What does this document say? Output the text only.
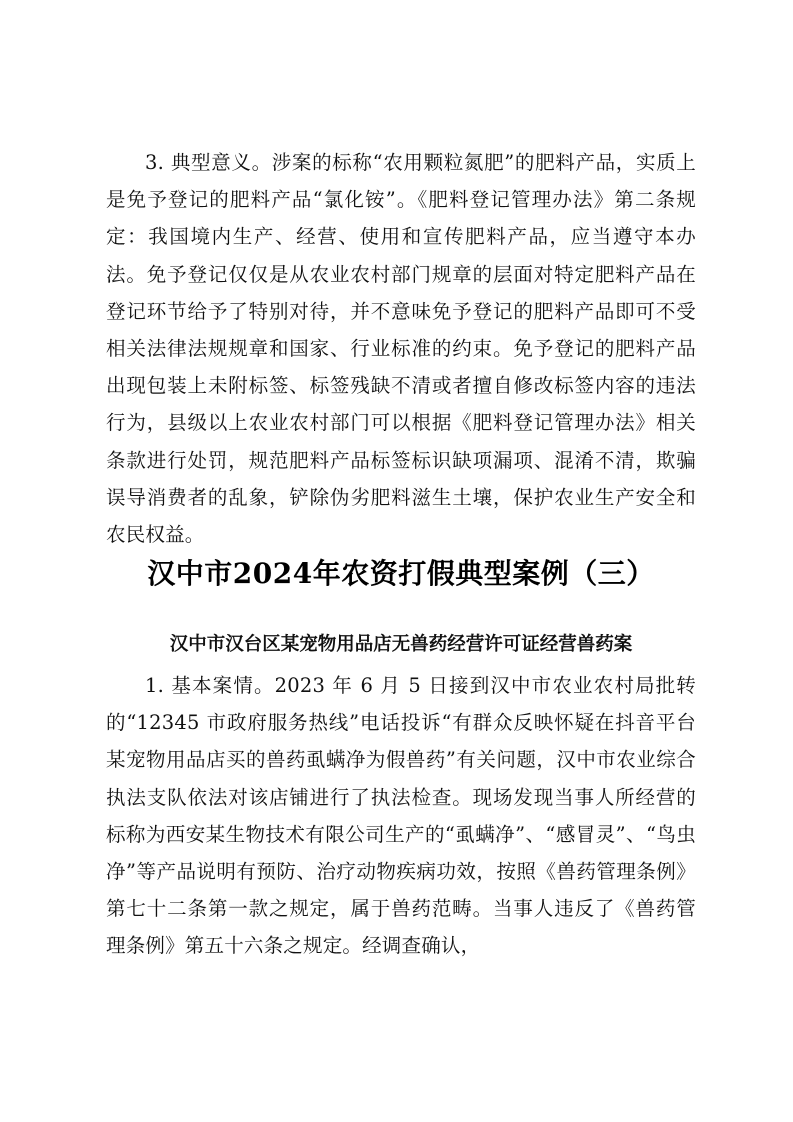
3. 典型意义。涉案的标称“农用颗粒氮肥”的肥料产品，实质上是免予登记的肥料产品“氯化铵”。《肥料登记管理办法》第二条规定：我国境内生产、经营、使用和宣传肥料产品，应当遵守本办法。免予登记仅仅是从农业农村部门规章的层面对特定肥料产品在登记环节给予了特别对待，并不意味免予登记的肥料产品即可不受相关法律法规规章和国家、行业标准的约束。免予登记的肥料产品出现包装上未附标签、标签残缺不清或者擅自修改标签内容的违法行为，县级以上农业农村部门可以根据《肥料登记管理办法》相关条款进行处罚，规范肥料产品标签标识缺项漏项、混淆不清，欺骗误导消费者的乱象，铲除伪劣肥料滋生土壤，保护农业生产安全和农民权益。

汉中市2024年农资打假典型案例（三）
汉中市汉台区某宠物用品店无兽药经营许可证经营兽药案

1. 基本案情。2023 年 6 月 5 日接到汉中市农业农村局批转的“12345 市政府服务热线”电话投诉“有群众反映怀疑在抖音平台某宠物用品店买的兽药虱螨净为假兽药”有关问题，汉中市农业综合执法支队依法对该店铺进行了执法检查。现场发现当事人所经营的标称为西安某生物技术有限公司生产的“虱螨净”、“感冒灵”、“鸟虫净”等产品说明有预防、治疗动物疾病功效，按照《兽药管理条例》第七十二条第一款之规定，属于兽药范畴。当事人违反了《兽药管理条例》第五十六条之规定。经调查确认，
